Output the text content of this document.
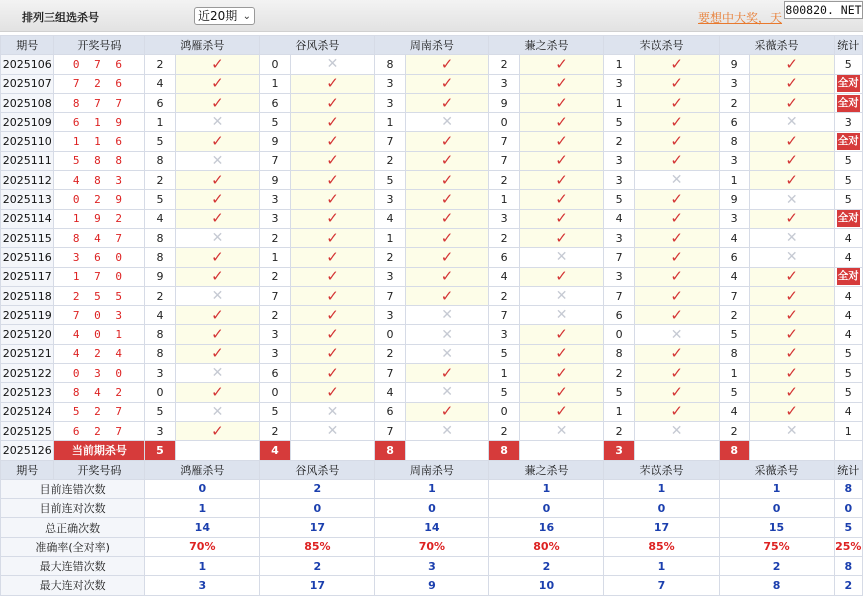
排列三组选杀号	近20期 ⌄	要想中大奖，天
800820. NET
期号	开奖号码	鸿雁杀号		谷风杀号		周南杀号		蒹之杀号		芣苡杀号		采薇杀号		统计
2025106	0 7 6	2	✓	0	✕	8	✓	2	✓	1	✓	9	✓	5
2025107	7 2 6	4	✓	1	✓	3	✓	3	✓	3	✓	3	✓	全对
2025108	8 7 7	6	✓	6	✓	3	✓	9	✓	1	✓	2	✓	全对
2025109	6 1 9	1	✕	5	✓	1	✕	0	✓	5	✓	6	✕	3
2025110	1 1 6	5	✓	9	✓	7	✓	7	✓	2	✓	8	✓	全对
2025111	5 8 8	8	✕	7	✓	2	✓	7	✓	3	✓	3	✓	5
2025112	4 8 3	2	✓	9	✓	5	✓	2	✓	3	✕	1	✓	5
2025113	0 2 9	5	✓	3	✓	3	✓	1	✓	5	✓	9	✕	5
2025114	1 9 2	4	✓	3	✓	4	✓	3	✓	4	✓	3	✓	全对
2025115	8 4 7	8	✕	2	✓	1	✓	2	✓	3	✓	4	✕	4
2025116	3 6 0	8	✓	1	✓	2	✓	6	✕	7	✓	6	✕	4
2025117	1 7 0	9	✓	2	✓	3	✓	4	✓	3	✓	4	✓	全对
2025118	2 5 5	2	✕	7	✓	7	✓	2	✕	7	✓	7	✓	4
2025119	7 0 3	4	✓	2	✓	3	✕	7	✕	6	✓	2	✓	4
2025120	4 0 1	8	✓	3	✓	0	✕	3	✓	0	✕	5	✓	4
2025121	4 2 4	8	✓	3	✓	2	✕	5	✓	8	✓	8	✓	5
2025122	0 3 0	3	✕	6	✓	7	✓	1	✓	2	✓	1	✓	5
2025123	8 4 2	0	✓	0	✓	4	✕	5	✓	5	✓	5	✓	5
2025124	5 2 7	5	✕	5	✕	6	✓	0	✓	1	✓	4	✓	4
2025125	6 2 7	3	✓	2	✕	7	✕	2	✕	2	✕	2	✕	1
2025126	当前期杀号	5		4		8		8		3		8		
期号	开奖号码	鸿雁杀号		谷风杀号		周南杀号		蒹之杀号		芣苡杀号		采薇杀号		统计
目前连错次数		0		2		1		1		1		1		8
目前连对次数		1		0		0		0		0		0		0
总正确次数		14		17		14		16		17		15		5
准确率(全对率)		70%		85%		70%		80%		85%		75%		25%
最大连错次数		1		2		3		2		1		2		8
最大连对次数		3		17		9		10		7		8		2
